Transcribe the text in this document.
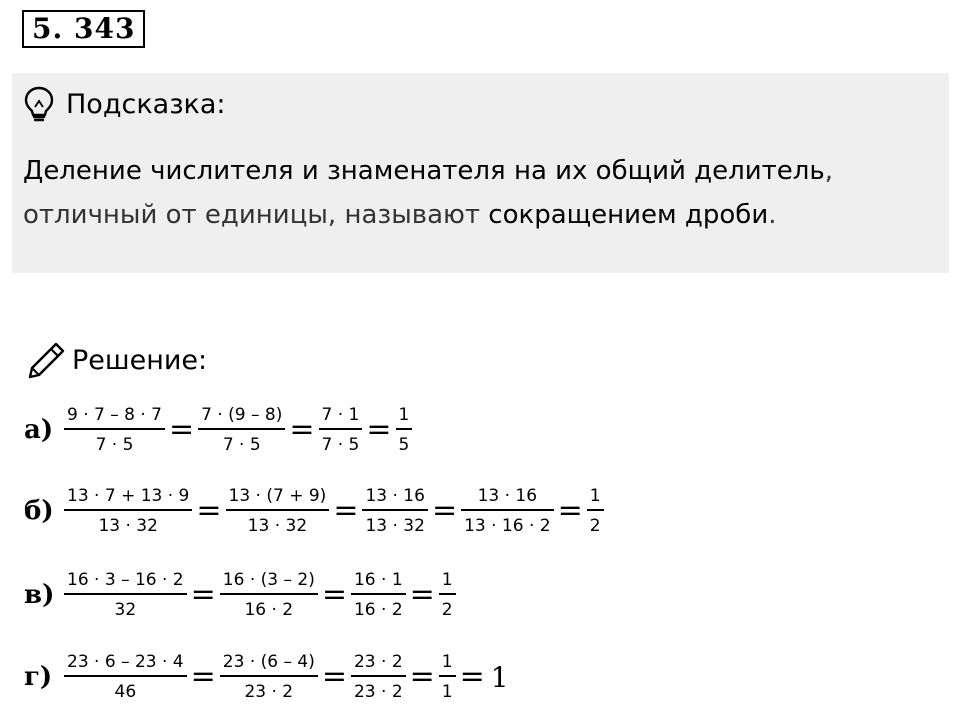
5. 343
Подсказка:
Деление числителя и знаменателя на их общий делитель,
отличный от единицы, называют сокращением дроби.
Решение:
$а) \frac{9 \cdot 7 - 8 \cdot 7}{7 \cdot 5} = \frac{7 \cdot (9 - 8)}{7 \cdot 5} = \frac{7 \cdot 1}{7 \cdot 5} = \frac{1}{5}$
$б) \frac{13 \cdot 7 + 13 \cdot 9}{13 \cdot 32} = \frac{13 \cdot (7 + 9)}{13 \cdot 32} = \frac{13 \cdot 16}{13 \cdot 32} = \frac{13 \cdot 16}{13 \cdot 16 \cdot 2} = \frac{1}{2}$
$в) \frac{16 \cdot 3 - 16 \cdot 2}{32} = \frac{16 \cdot (3 - 2)}{16 \cdot 2} = \frac{16 \cdot 1}{16 \cdot 2} = \frac{1}{2}$
$г) \frac{23 \cdot 6 - 23 \cdot 4}{46} = \frac{23 \cdot (6 - 4)}{23 \cdot 2} = \frac{23 \cdot 2}{23 \cdot 2} = \frac{1}{1} = 1$
